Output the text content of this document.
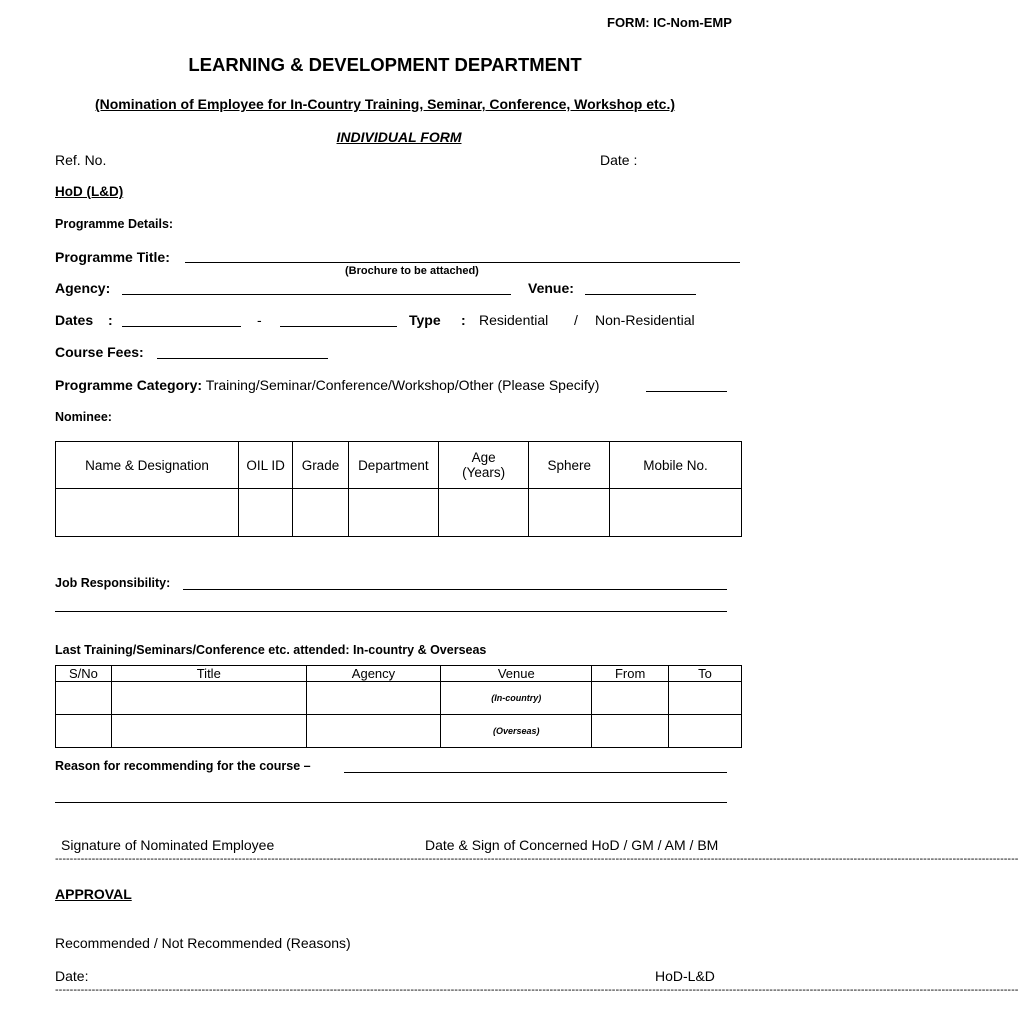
FORM: IC-Nom-EMP
LEARNING & DEVELOPMENT DEPARTMENT
(Nomination of Employee for In-Country Training, Seminar, Conference, Workshop etc.)
INDIVIDUAL FORM
Ref. No.	Date :
HoD (L&D)
Programme Details:
Programme Title:
(Brochure to be attached)
Agency:	Venue:
Dates :	-	Type : Residential / Non-Residential
Course Fees:
Programme Category: Training/Seminar/Conference/Workshop/Other (Please Specify)
Nominee:
Name & Designation	OIL ID	Grade	Department	Age (Years)	Sphere	Mobile No.

Job Responsibility:
Last Training/Seminars/Conference etc. attended: In-country & Overseas
S/No	Title	Agency	Venue	From	To
			(In-country)		
			(Overseas)		
Reason for recommending for the course –
Signature of Nominated Employee	Date & Sign of Concerned HoD / GM / AM / BM
-----------------------------------------------------------------------------------------------------------------------------------------------------------------------------------------------------------------------------------------------------------------------
APPROVAL
Recommended / Not Recommended (Reasons)
Date:	HoD-L&D
-----------------------------------------------------------------------------------------------------------------------------------------------------------------------------------------------------------------------------------------------------------------------
